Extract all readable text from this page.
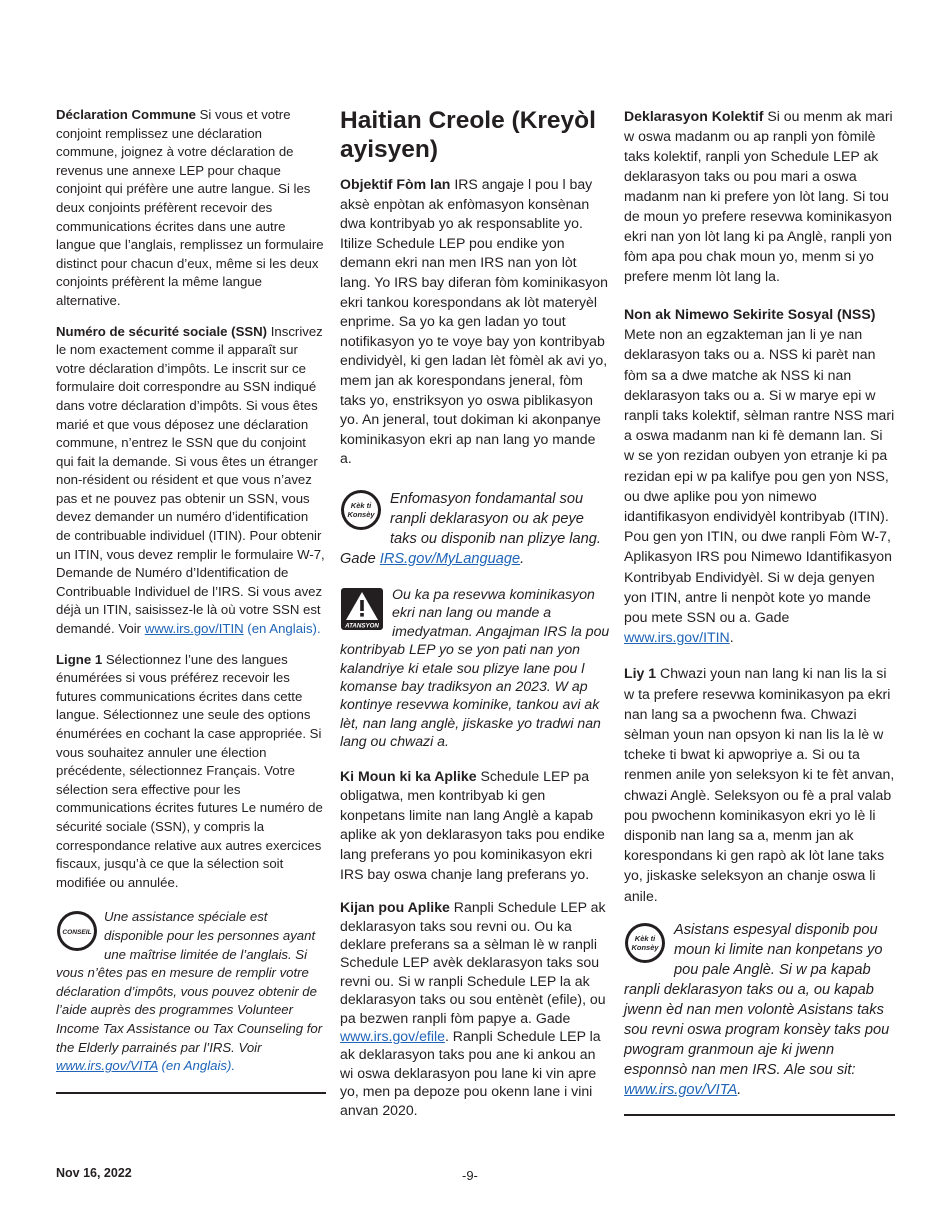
Déclaration Commune Si vous et votre conjoint remplissez une déclaration commune, joignez à votre déclaration de revenus une annexe LEP pour chaque conjoint qui préfère une autre langue. Si les deux conjoints préfèrent recevoir des communications écrites dans une autre langue que l’anglais, remplissez un formulaire distinct pour chacun d’eux, même si les deux conjoints préfèrent la même langue alternative.

Numéro de sécurité sociale (SSN) Inscrivez le nom exactement comme il apparaît sur votre déclaration d’impôts. Le inscrit sur ce formulaire doit correspondre au SSN indiqué dans votre déclaration d’impôts. Si vous êtes marié et que vous déposez une déclaration commune, n’entrez le SSN que du conjoint qui fait la demande. Si vous êtes un étranger non-résident ou résident et que vous n’avez pas et ne pouvez pas obtenir un SSN, vous devez demander un numéro d’identification de contribuable individuel (ITIN). Pour obtenir un ITIN, vous devez remplir le formulaire W-7, Demande de Numéro d’Identification de Contribuable Individuel de l’IRS. Si vous avez déjà un ITIN, saisissez-le là où votre SSN est demandé. Voir www.irs.gov/ITIN (en Anglais).

Ligne 1 Sélectionnez l’une des langues énumérées si vous préférez recevoir les futures communications écrites dans cette langue. Sélectionnez une seule des options énumérées en cochant la case appropriée. Si vous souhaitez annuler une élection précédente, sélectionnez Français. Votre sélection sera effective pour les communications écrites futures Le numéro de sécurité sociale (SSN), y compris la correspondance relative aux autres exercices fiscaux, jusqu’à ce que la sélection soit modifiée ou annulée.

CONSEIL
Une assistance spéciale est disponible pour les personnes ayant une maîtrise limitée de l’anglais. Si vous n’êtes pas en mesure de remplir votre déclaration d’impôts, vous pouvez obtenir de l’aide auprès des programmes Volunteer Income Tax Assistance ou Tax Counseling for the Elderly parrainés par l’IRS. Voir www.irs.gov/VITA (en Anglais).
Haitian Creole (Kreyòl ayisyen)

Objektif Fòm lan IRS angaje l pou l bay aksè enpòtan ak enfòmasyon konsènan dwa kontribyab yo ak responsablite yo. Itilize Schedule LEP pou endike yon demann ekri nan men IRS nan yon lòt lang. Yo IRS bay diferan fòm kominikasyon ekri tankou korespondans ak lòt materyèl enprime. Sa yo ka gen ladan yo tout notifikasyon yo te voye bay yon kontribyab endividyèl, ki gen ladan lèt fòmèl ak avi yo, mem jan ak korespondans jeneral, fòm taks yo, enstriksyon yo oswa piblikasyon yo. An jeneral, tout dokiman ki akonpanye kominikasyon ekri ap nan lang yo mande a.

Kèk ti
Konsèy
Enfomasyon fondamantal sou ranpli deklarasyon ou ak peye taks ou disponib nan plizye lang. Gade IRS.gov/MyLanguage.
ATANSYON
Ou ka pa resevwa kominikasyon ekri nan lang ou mande a imedyatman. Angajman IRS la pou kontribyab LEP yo se yon pati nan yon kalandriye ki etale sou plizye lane pou l komanse bay tradiksyon an 2023. W ap kontinye resevwa kominike, tankou avi ak lèt, nan lang anglè, jiskaske yo tradwi nan lang ou chwazi a.

Ki Moun ki ka Aplike Schedule LEP pa obligatwa, men kontribyab ki gen konpetans limite nan lang Anglè a kapab aplike ak yon deklarasyon taks pou endike lang preferans yo pou kominikasyon ekri IRS bay oswa chanje lang preferans yo.

Kijan pou Aplike Ranpli Schedule LEP ak deklarasyon taks sou revni ou. Ou ka deklare preferans sa a sèlman lè w ranpli Schedule LEP avèk deklarasyon taks sou revni ou. Si w ranpli Schedule LEP la ak deklarasyon taks ou sou entènèt (efile), ou pa bezwen ranpli fòm papye a. Gade www.irs.gov/efile. Ranpli Schedule LEP la ak deklarasyon taks pou ane ki ankou an wi oswa deklarasyon pou lane ki vin apre yo, men pa depoze pou okenn lane i vini anvan 2020.

Deklarasyon Kolektif Si ou menm ak mari w oswa madanm ou ap ranpli yon fòmilè taks kolektif, ranpli yon Schedule LEP ak deklarasyon taks ou pou mari a oswa madanm nan ki prefere yon lòt lang. Si tou de moun yo prefere resevwa kominikasyon ekri nan yon lòt lang ki pa Anglè, ranpli yon fòm apa pou chak moun yo, menm si yo prefere menm lòt lang la.

Non ak Nimewo Sekirite Sosyal (NSS) Mete non an egzakteman jan li ye nan deklarasyon taks ou a. NSS ki parèt nan fòm sa a dwe matche ak NSS ki nan deklarasyon taks ou a. Si w marye epi w ranpli taks kolektif, sèlman rantre NSS mari a oswa madanm nan ki fè demann lan. Si w se yon rezidan oubyen yon etranje ki pa rezidan epi w pa kalifye pou gen yon NSS, ou dwe aplike pou yon nimewo idantifikasyon endividyèl kontribyab (ITIN). Pou gen yon ITIN, ou dwe ranpli Fòm W-7, Aplikasyon IRS pou Nimewo Idantifikasyon Kontribyab Endividyèl. Si w deja genyen yon ITIN, antre li nenpòt kote yo mande pou mete SSN ou a. Gade www.irs.gov/ITIN.

Liy 1 Chwazi youn nan lang ki nan lis la si w ta prefere resevwa kominikasyon pa ekri nan lang sa a pwochenn fwa. Chwazi sèlman youn nan opsyon ki nan lis la lè w tcheke ti bwat ki apwopriye a. Si ou ta renmen anile yon seleksyon ki te fèt anvan, chwazi Anglè. Seleksyon ou fè a pral valab pou pwochenn kominikasyon ekri yo lè li disponib nan lang sa a, menm jan ak korespondans ki gen rapò ak lòt lane taks yo, jiskaske seleksyon an chanje oswa li anile.

Kèk ti
Konsèy
Asistans espesyal disponib pou moun ki limite nan konpetans yo pou pale Anglè. Si w pa kapab ranpli deklarasyon taks ou a, ou kapab jwenn èd nan men volontè Asistans taks sou revni oswa program konsèy taks pou pwogram granmoun aje ki jwenn esponnsò nan men IRS. Ale sou sit: www.irs.gov/VITA.
Nov 16, 2022	-9-
